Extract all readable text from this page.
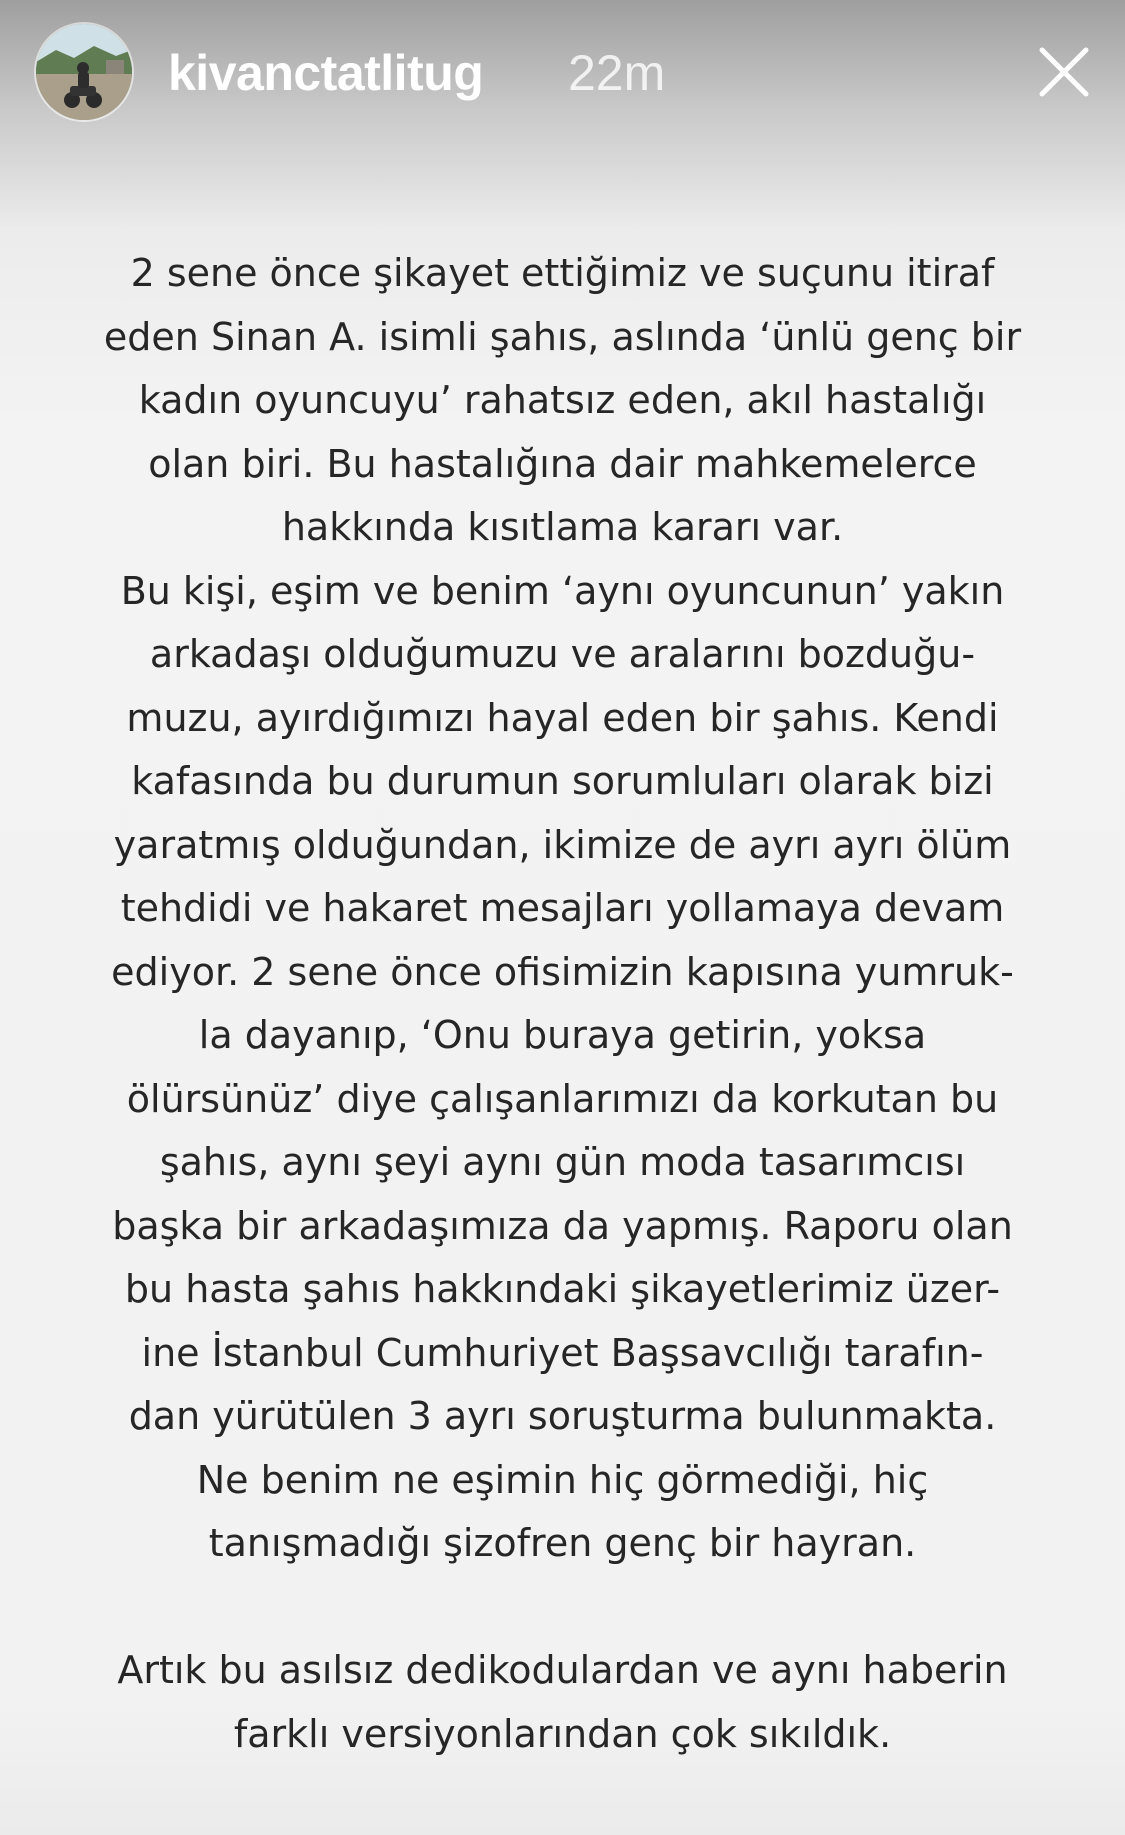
kivanctatlitug 22m
2 sene önce şikayet ettiğimiz ve suçunu itiraf
eden Sinan A. isimli şahıs, aslında ‘ünlü genç bir
kadın oyuncuyu’ rahatsız eden, akıl hastalığı
olan biri. Bu hastalığına dair mahkemelerce
hakkında kısıtlama kararı var.
Bu kişi, eşim ve benim ‘aynı oyuncunun’ yakın
arkadaşı olduğumuzu ve aralarını bozduğu-
muzu, ayırdığımızı hayal eden bir şahıs. Kendi
kafasında bu durumun sorumluları olarak bizi
yaratmış olduğundan, ikimize de ayrı ayrı ölüm
tehdidi ve hakaret mesajları yollamaya devam
ediyor. 2 sene önce ofisimizin kapısına yumruk-
la dayanıp, ‘Onu buraya getirin, yoksa
ölürsünüz’ diye çalışanlarımızı da korkutan bu
şahıs, aynı şeyi aynı gün moda tasarımcısı
başka bir arkadaşımıza da yapmış. Raporu olan
bu hasta şahıs hakkındaki şikayetlerimiz üzer-
ine İstanbul Cumhuriyet Başsavcılığı tarafın-
dan yürütülen 3 ayrı soruşturma bulunmakta.
Ne benim ne eşimin hiç görmediği, hiç
tanışmadığı şizofren genç bir hayran.
Artık bu asılsız dedikodulardan ve aynı haberin
farklı versiyonlarından çok sıkıldık.
